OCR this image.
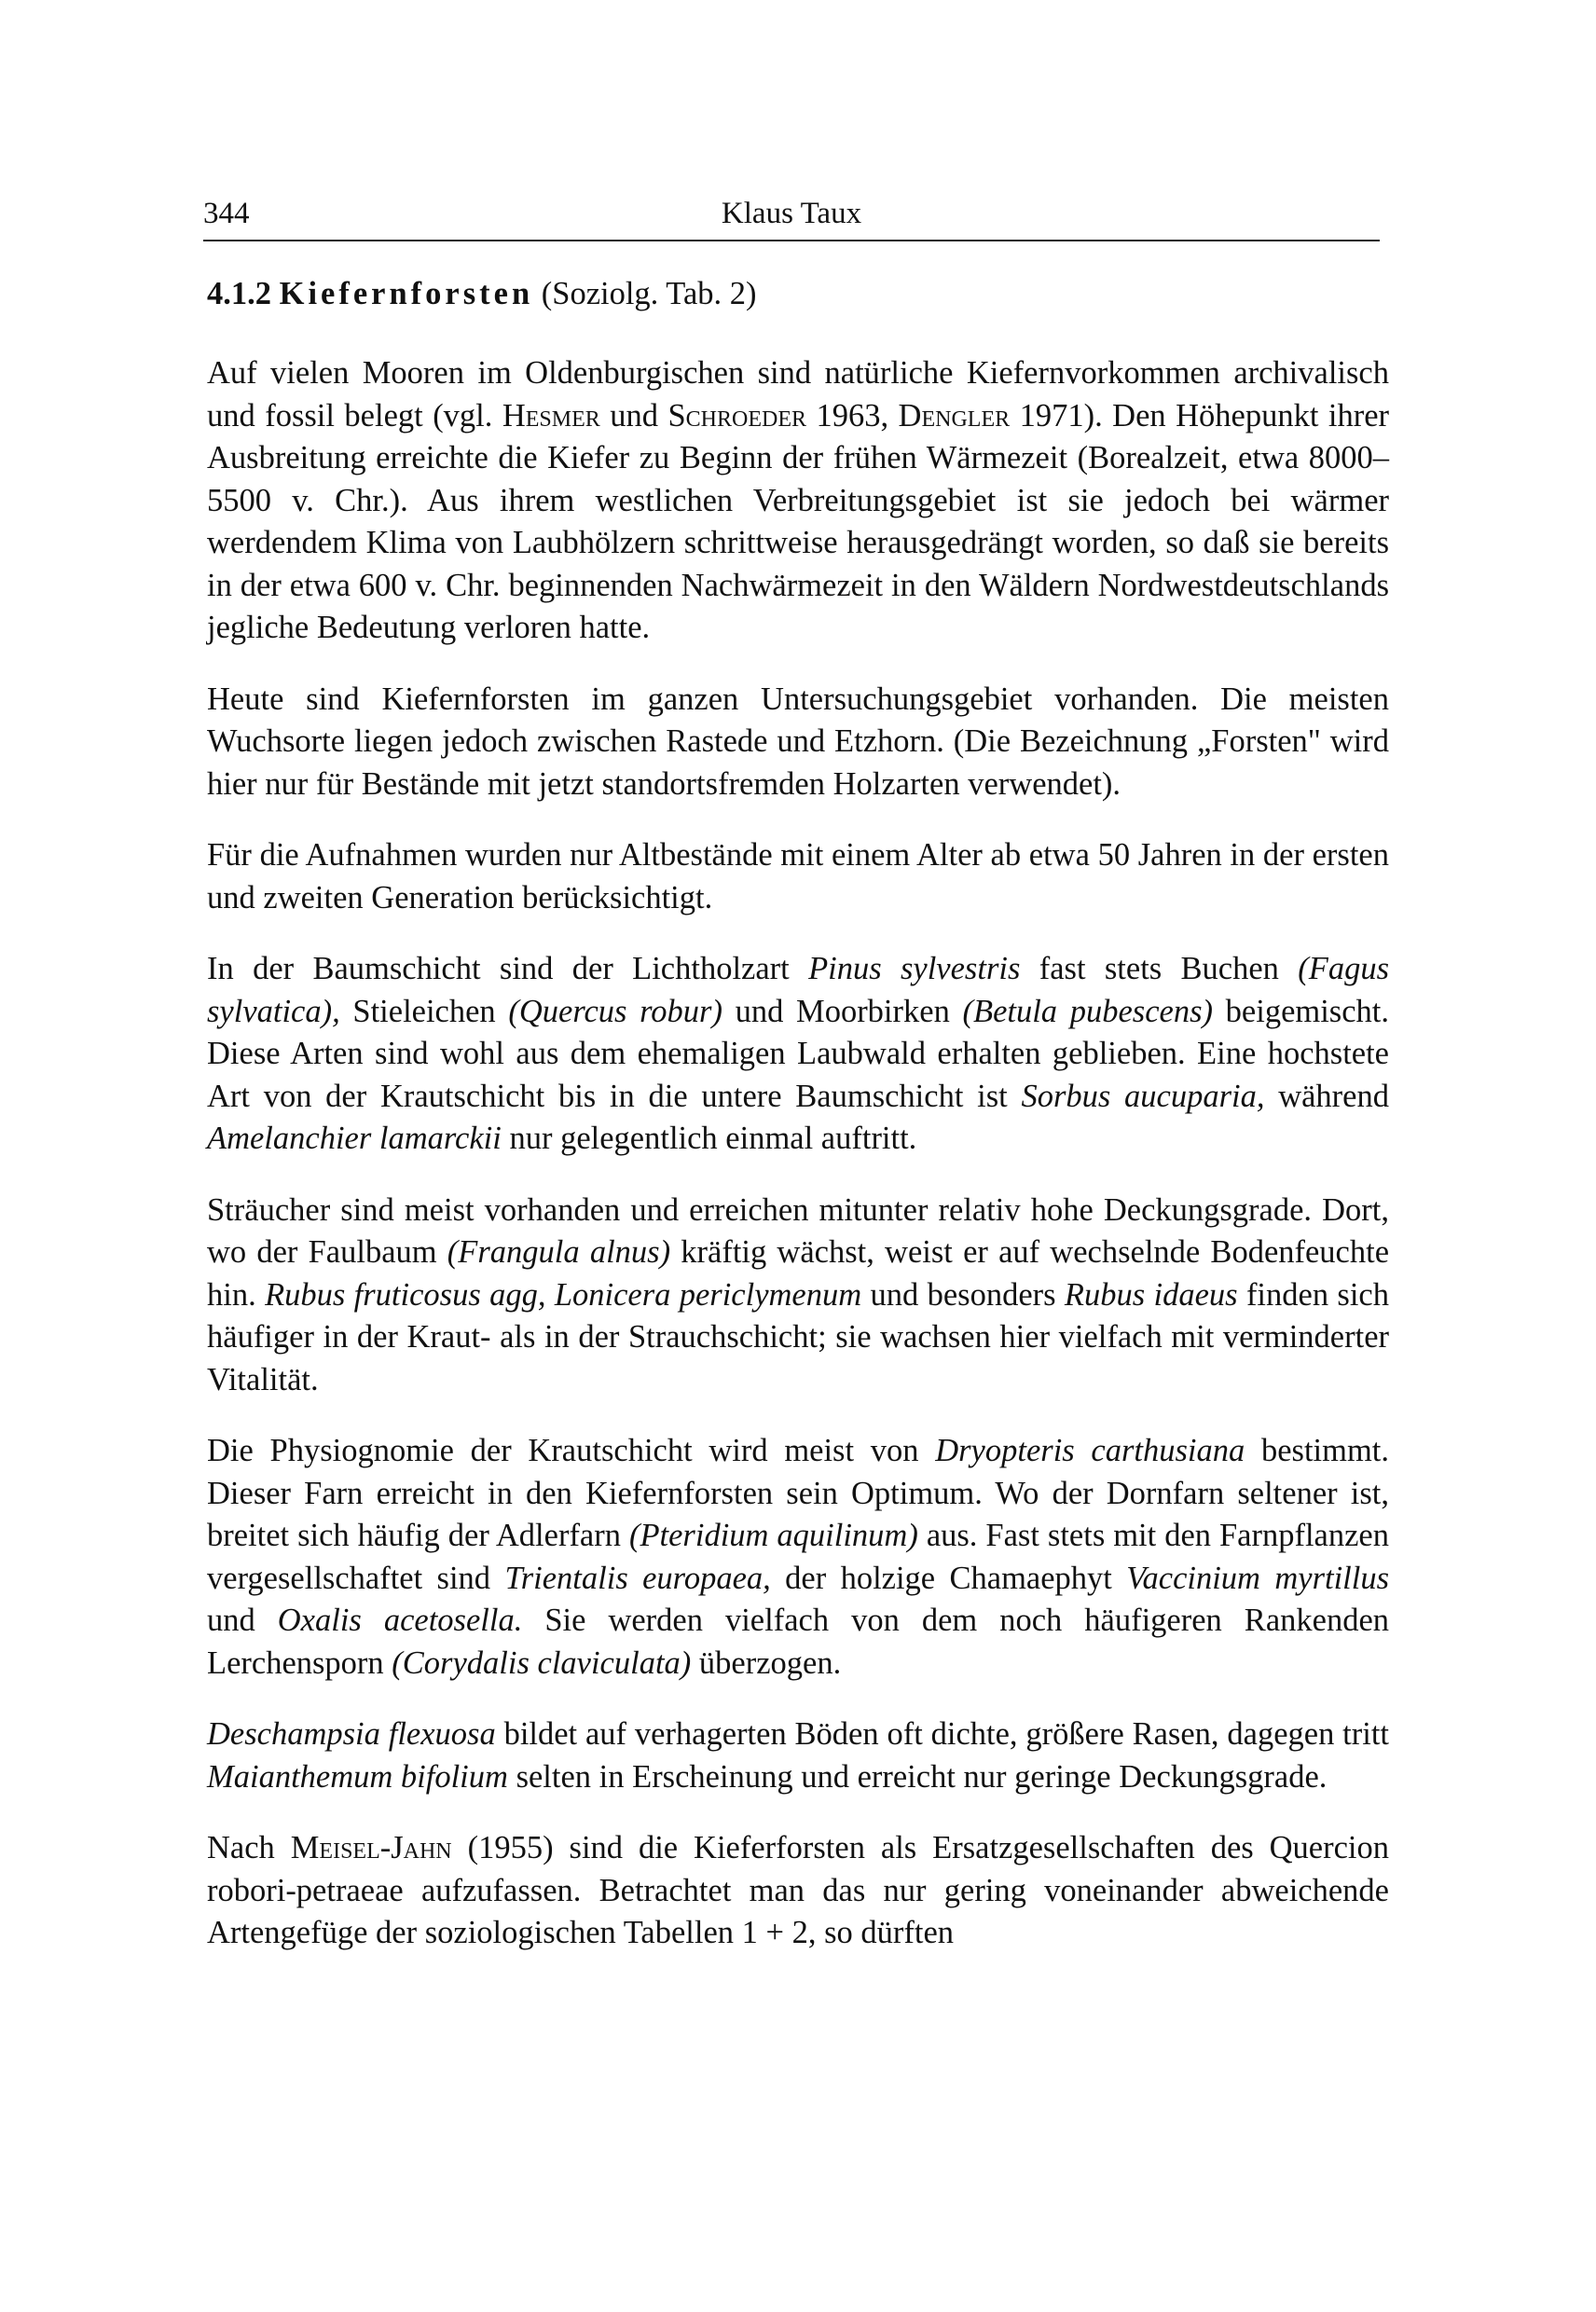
344	Klaus Taux
4.1.2 Kiefernforsten (Soziolg. Tab. 2)

Auf vielen Mooren im Oldenburgischen sind natürliche Kiefernvorkommen archivalisch und fossil belegt (vgl. Hesmer und Schroeder 1963, Dengler 1971). Den Höhepunkt ihrer Ausbreitung erreichte die Kiefer zu Beginn der frühen Wärmezeit (Borealzeit, etwa 8000–5500 v. Chr.). Aus ihrem westlichen Verbreitungsgebiet ist sie jedoch bei wärmer werdendem Klima von Laubhölzern schrittweise herausgedrängt worden, so daß sie bereits in der etwa 600 v. Chr. beginnenden Nachwärmezeit in den Wäldern Nordwestdeutschlands jegliche Bedeutung verloren hatte.

Heute sind Kiefernforsten im ganzen Untersuchungsgebiet vorhanden. Die meisten Wuchsorte liegen jedoch zwischen Rastede und Etzhorn. (Die Bezeichnung „Forsten" wird hier nur für Bestände mit jetzt standortsfremden Holzarten verwendet).

Für die Aufnahmen wurden nur Altbestände mit einem Alter ab etwa 50 Jahren in der ersten und zweiten Generation berücksichtigt.

In der Baumschicht sind der Lichtholzart Pinus sylvestris fast stets Buchen (Fagus sylvatica), Stieleichen (Quercus robur) und Moorbirken (Betula pubescens) beigemischt. Diese Arten sind wohl aus dem ehemaligen Laubwald erhalten geblieben. Eine hochstete Art von der Krautschicht bis in die untere Baumschicht ist Sorbus aucuparia, während Amelanchier lamarckii nur gelegentlich einmal auftritt.

Sträucher sind meist vorhanden und erreichen mitunter relativ hohe Deckungsgrade. Dort, wo der Faulbaum (Frangula alnus) kräftig wächst, weist er auf wechselnde Bodenfeuchte hin. Rubus fruticosus agg, Lonicera periclymenum und besonders Rubus idaeus finden sich häufiger in der Kraut- als in der Strauchschicht; sie wachsen hier vielfach mit verminderter Vitalität.

Die Physiognomie der Krautschicht wird meist von Dryopteris carthusiana bestimmt. Dieser Farn erreicht in den Kiefernforsten sein Optimum. Wo der Dornfarn seltener ist, breitet sich häufig der Adlerfarn (Pteridium aquilinum) aus. Fast stets mit den Farnpflanzen vergesellschaftet sind Trientalis europaea, der holzige Chamaephyt Vaccinium myrtillus und Oxalis acetosella. Sie werden vielfach von dem noch häufigeren Rankenden Lerchensporn (Corydalis claviculata) überzogen.

Deschampsia flexuosa bildet auf verhagerten Böden oft dichte, größere Rasen, dagegen tritt Maianthemum bifolium selten in Erscheinung und erreicht nur geringe Deckungsgrade.

Nach Meisel-Jahn (1955) sind die Kieferforsten als Ersatzgesellschaften des Quercion robori-petraeae aufzufassen. Betrachtet man das nur gering voneinander abweichende Artengefüge der soziologischen Tabellen 1 + 2, so dürften
